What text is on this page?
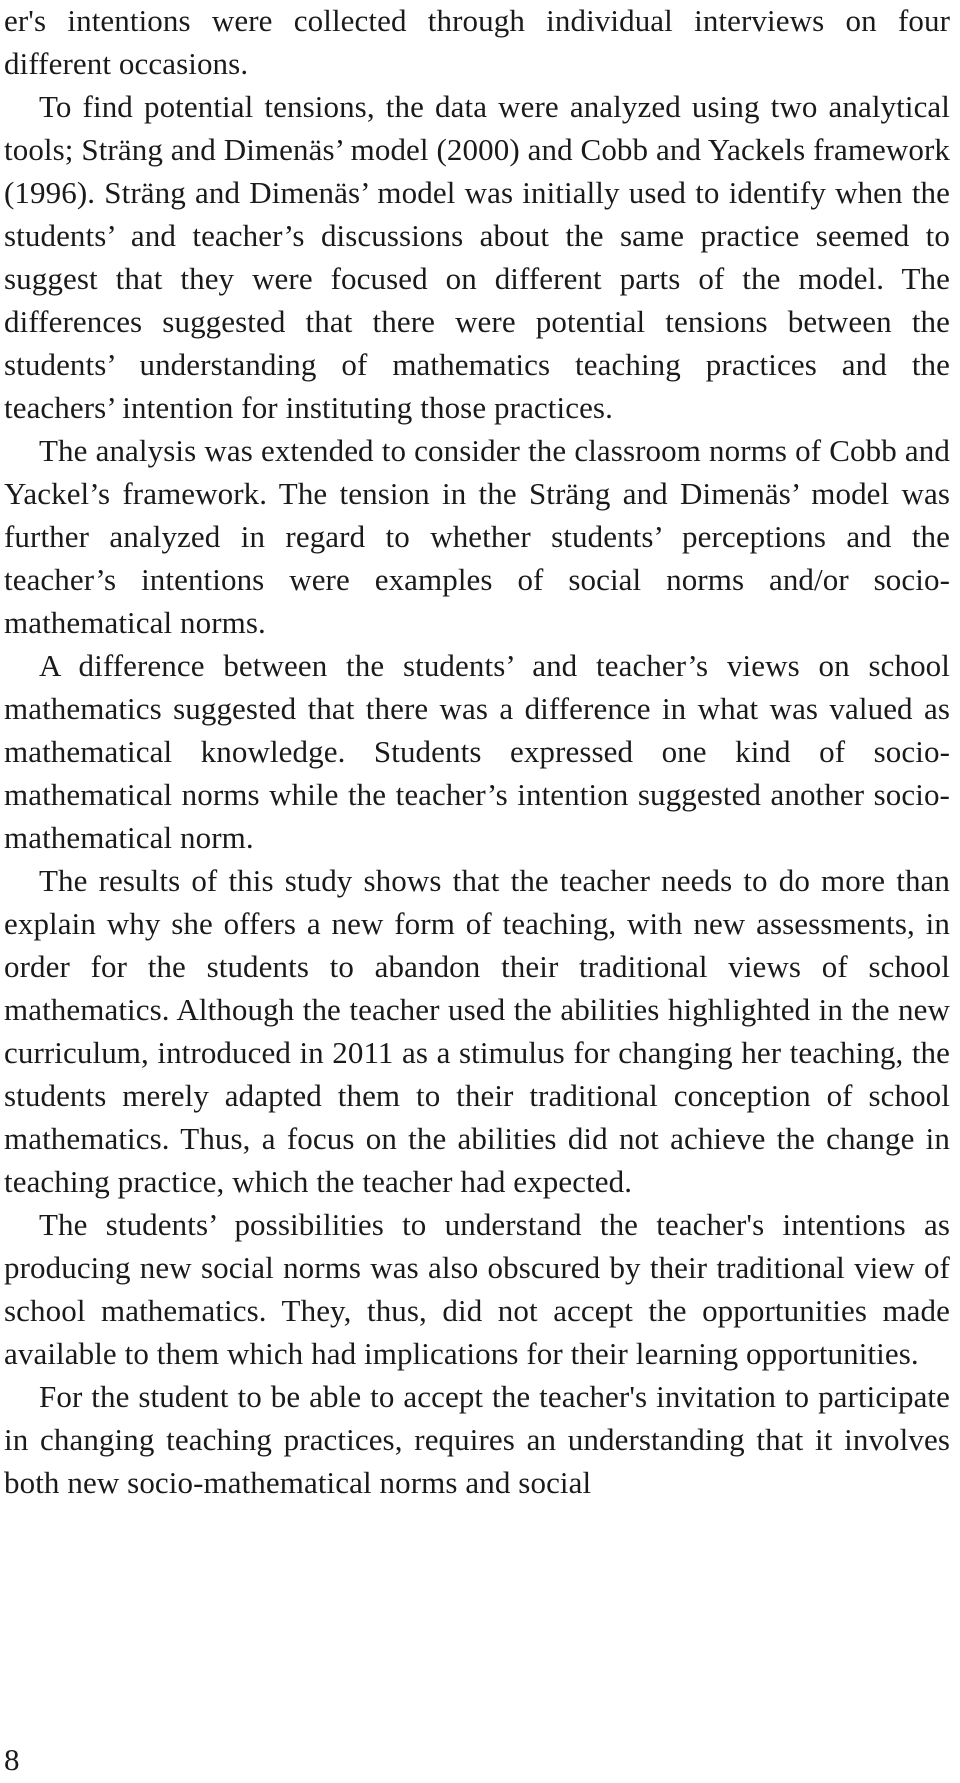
er's intentions were collected through individual interviews on four different occasions.

To find potential tensions, the data were analyzed using two analytical tools; Sträng and Dimenäs’ model (2000) and Cobb and Yackels framework (1996). Sträng and Dimenäs’ model was initially used to identify when the students’ and teacher’s discussions about the same practice seemed to suggest that they were focused on different parts of the model. The differences suggested that there were potential tensions between the students’ understanding of mathematics teaching practices and the teachers’ intention for instituting those practices.

The analysis was extended to consider the classroom norms of Cobb and Yackel’s framework. The tension in the Sträng and Dimenäs’ model was further analyzed in regard to whether students’ perceptions and the teacher’s intentions were examples of social norms and/or socio-mathematical norms.

A difference between the students’ and teacher’s views on school mathematics suggested that there was a difference in what was valued as mathematical knowledge. Students expressed one kind of socio-mathematical norms while the teacher’s intention suggested another socio-mathematical norm.

The results of this study shows that the teacher needs to do more than explain why she offers a new form of teaching, with new assessments, in order for the students to abandon their traditional views of school mathematics. Although the teacher used the abilities highlighted in the new curriculum, introduced in 2011 as a stimulus for changing her teaching, the students merely adapted them to their traditional conception of school mathematics. Thus, a focus on the abilities did not achieve the change in teaching practice, which the teacher had expected.

The students’ possibilities to understand the teacher's intentions as producing new social norms was also obscured by their traditional view of school mathematics. They, thus, did not accept the opportunities made available to them which had implications for their learning opportunities.

For the student to be able to accept the teacher's invitation to participate in changing teaching practices, requires an understanding that it involves both new socio-mathematical norms and social

8
